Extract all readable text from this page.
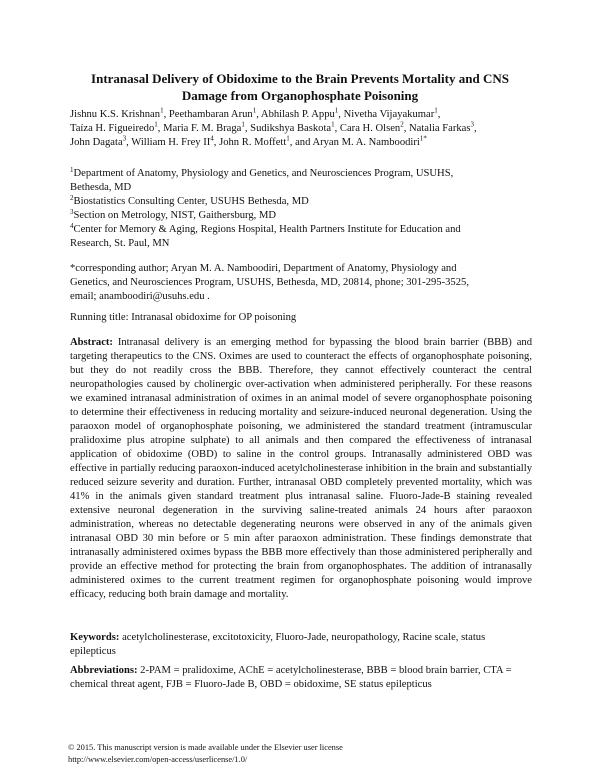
Intranasal Delivery of Obidoxime to the Brain Prevents Mortality and CNS
Damage from Organophosphate Poisoning

Jishnu K.S. Krishnan$^1$, Peethambaran Arun$^1$, Abhilash P. Appu$^1$, Nivetha Vijayakumar$^1$,

Taíza H. Figueiredo$^1$, Maria F. M. Braga$^1$, Sudikshya Baskota$^1$, Cara H. Olsen$^2$, Natalia Farkas$^3$,

John Dagata$^3$, William H. Frey $II^4$, John R. Moffett$^1$, and Aryan M. A. Namboodiri$^{1*}$

$^1$Department of Anatomy, Physiology and Genetics, and Neurosciences Program, USUHS,

Bethesda, MD

$^2$Biostatistics Consulting Center, USUHS Bethesda, MD

$^3$Section on Metrology, NIST, Gaithersburg, MD

$^4$Center for Memory & Aging, Regions Hospital, Health Partners Institute for Education and

Research, St. Paul, MN

*corresponding author; Aryan M. A. Namboodiri, Department of Anatomy, Physiology and
Genetics, and Neurosciences Program, USUHS, Bethesda, MD, 20814, phone; 301-295-3525,
email; anamboodiri@usuhs.edu .
Running title: Intranasal obidoxime for OP poisoning
Abstract: Intranasal delivery is an emerging method for bypassing the blood brain barrier (BBB) and targeting therapeutics to the CNS. Oximes are used to counteract the effects of organophosphate poisoning, but they do not readily cross the BBB. Therefore, they cannot effectively counteract the central neuropathologies caused by cholinergic over-activation when administered peripherally. For these reasons we examined intranasal administration of oximes in an animal model of severe organophosphate poisoning to determine their effectiveness in reducing mortality and seizure-induced neuronal degeneration. Using the paraoxon model of organophosphate poisoning, we administered the standard treatment (intramuscular pralidoxime plus atropine sulphate) to all animals and then compared the effectiveness of intranasal application of obidoxime (OBD) to saline in the control groups. Intranasally administered OBD was effective in partially reducing paraoxon-induced acetylcholinesterase inhibition in the brain and substantially reduced seizure severity and duration. Further, intranasal OBD completely prevented mortality, which was 41% in the animals given standard treatment plus intranasal saline. Fluoro-Jade-B staining revealed extensive neuronal degeneration in the surviving saline-treated animals 24 hours after paraoxon administration, whereas no detectable degenerating neurons were observed in any of the animals given intranasal OBD 30 min before or 5 min after paraoxon administration. These findings demonstrate that intranasally administered oximes bypass the BBB more effectively than those administered peripherally and provide an effective method for protecting the brain from organophosphates. The addition of intranasally administered oximes to the current treatment regimen for organophosphate poisoning would improve efficacy, reducing both brain damage and mortality.
Keywords: acetylcholinesterase, excitotoxicity, Fluoro-Jade, neuropathology, Racine scale, status epilepticus
Abbreviations: 2-PAM = pralidoxime, AChE = acetylcholinesterase, BBB = blood brain barrier, CTA = chemical threat agent, FJB = Fluoro-Jade B, OBD = obidoxime, SE status epilepticus
© 2015. This manuscript version is made available under the Elsevier user license
http://www.elsevier.com/open-access/userlicense/1.0/
